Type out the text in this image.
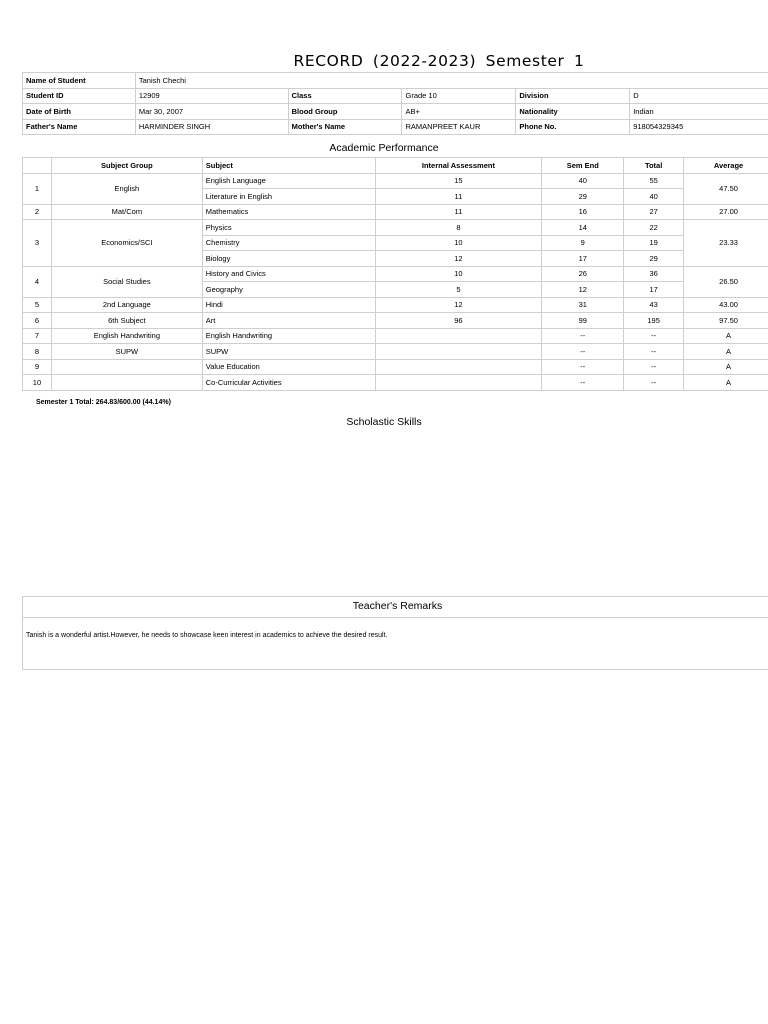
RECORD (2022-2023) Semester 1
Name of Student	Tanish Chechi				
Student ID	12909	Class	Grade 10	Division	D
Date of Birth	Mar 30, 2007	Blood Group	AB+	Nationality	Indian
Father's Name	HARMINDER SINGH	Mother's Name	RAMANPREET KAUR	Phone No.	918054329345
Academic Performance
	Subject Group	Subject	Internal Assessment	Sem End	Total	Average
1	English	English Language	15	40	55	47.50
		Literature in English	11	29	40	
2	Mat/Com	Mathematics	11	16	27	27.00
3	Economics/SCI	Physics	8	14	22	23.33
		Chemistry	10	9	19	
		Biology	12	17	29	
4	Social Studies	History and Civics	10	26	36	26.50
		Geography	5	12	17	
5	2nd Language	Hindi	12	31	43	43.00
6	6th Subject	Art	96	99	195	97.50
7	English Handwriting	English Handwriting		--	--	A
8	SUPW	SUPW		--	--	A
9		Value Education		--	--	A
10		Co-Curricular Activities		--	--	A
Semester 1 Total: 264.83/600.00 (44.14%)
Scholastic Skills
Teacher's Remarks
Tanish is a wonderful artist.However, he needs to showcase keen interest in academics to achieve the desired result.
